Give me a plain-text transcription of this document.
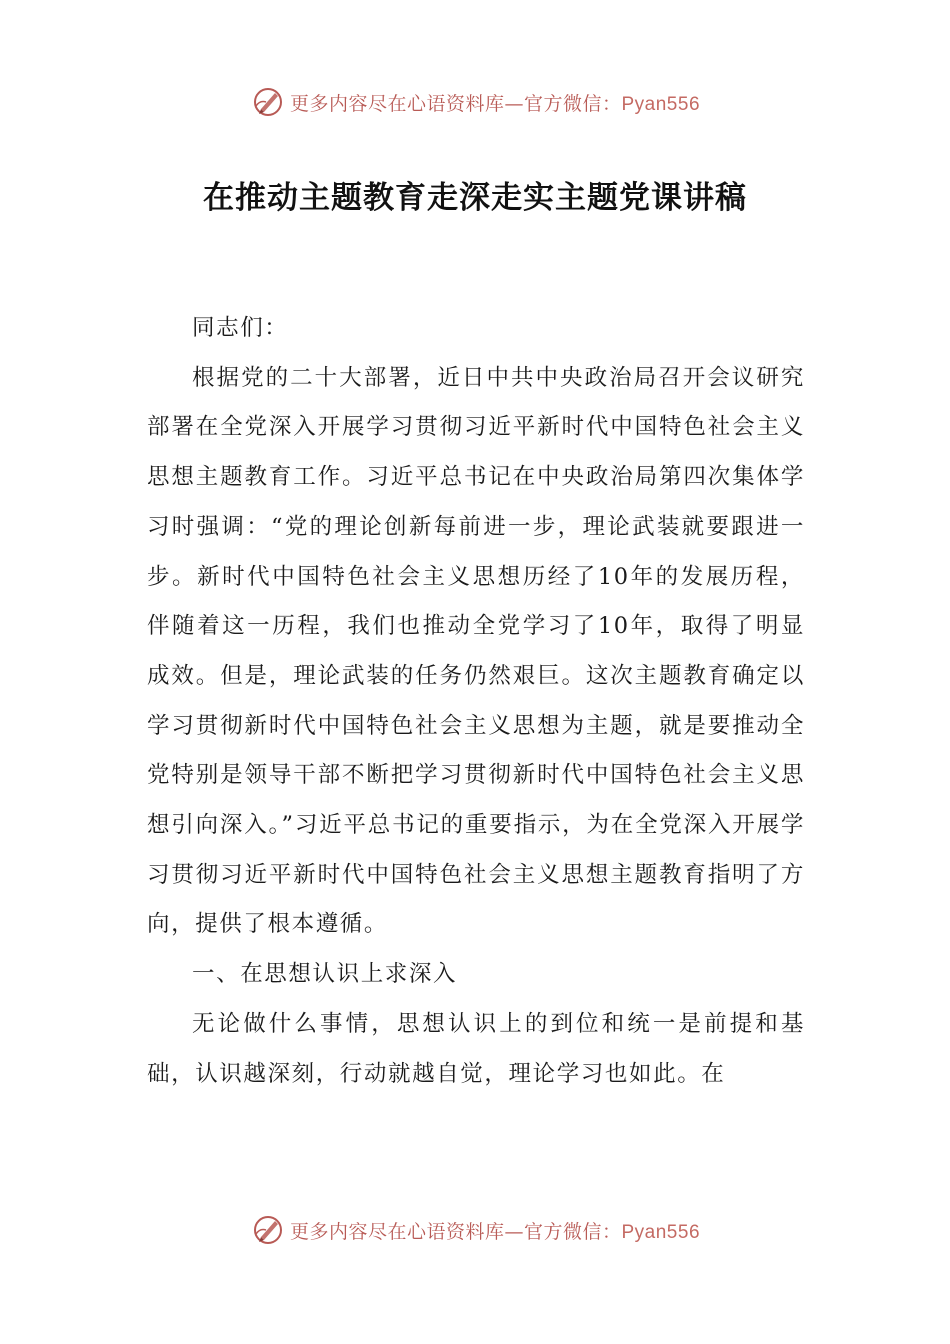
更多内容尽在心语资料库—官方微信：Pyan556
在推动主题教育走深走实主题党课讲稿

同志们：

根据党的二十大部署，近日中共中央政治局召开会议研究部署在全党深入开展学习贯彻习近平新时代中国特色社会主义思想主题教育工作。习近平总书记在中央政治局第四次集体学习时强调：“党的理论创新每前进一步，理论武装就要跟进一步。新时代中国特色社会主义思想历经了10年的发展历程，伴随着这一历程，我们也推动全党学习了10年，取得了明显成效。但是，理论武装的任务仍然艰巨。这次主题教育确定以学习贯彻新时代中国特色社会主义思想为主题，就是要推动全党特别是领导干部不断把学习贯彻新时代中国特色社会主义思想引向深入。”习近平总书记的重要指示，为在全党深入开展学习贯彻习近平新时代中国特色社会主义思想主题教育指明了方向，提供了根本遵循。

一、在思想认识上求深入

无论做什么事情，思想认识上的到位和统一是前提和基础，认识越深刻，行动就越自觉，理论学习也如此。在

更多内容尽在心语资料库—官方微信：Pyan556
